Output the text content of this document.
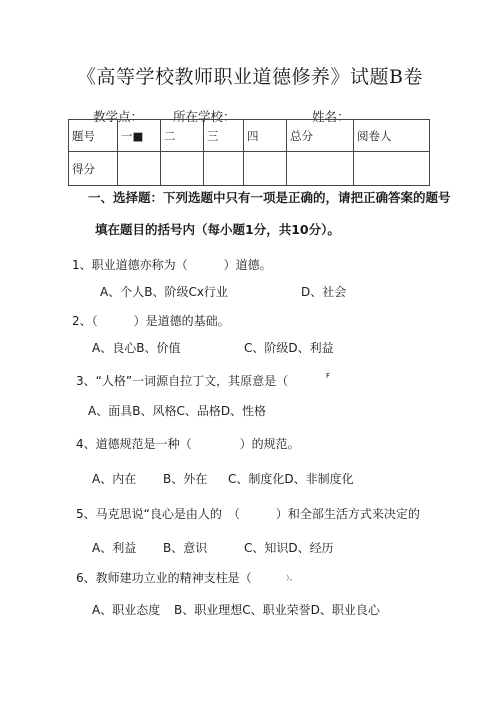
《高等学校教师职业道德修养》试题B卷
教学点： 所在学校：	姓名：
题号	一■	二	三	四	总分	阅卷人
得分						
一、选择题：下列选题中只有一项是正确的，请把正确答案的题号
填在题目的括号内（每小题1分，共10分）。
1、职业道德亦称为（　　　）道德。
A、个人B、阶级Cx行业	D、社会
2、（　　　）是道德的基础。
A、良心B、价值	C、阶级D、利益
3、“人格”一词源自拉丁文，其原意是（	F
A、面具B、风格C、品格D、性格
4、道德规范是一种（　　　　）的规范。
A、内在 B、外在 C、制度化D、非制度化
5、马克思说“良心是由人的　（　　　）和全部生活方式来决定的
A、利益 B、意识	C、知识D、经历
6、教师建功立业的精神支柱是（	）。
A、职业态度 B、职业理想C、职业荣誉D、职业良心
